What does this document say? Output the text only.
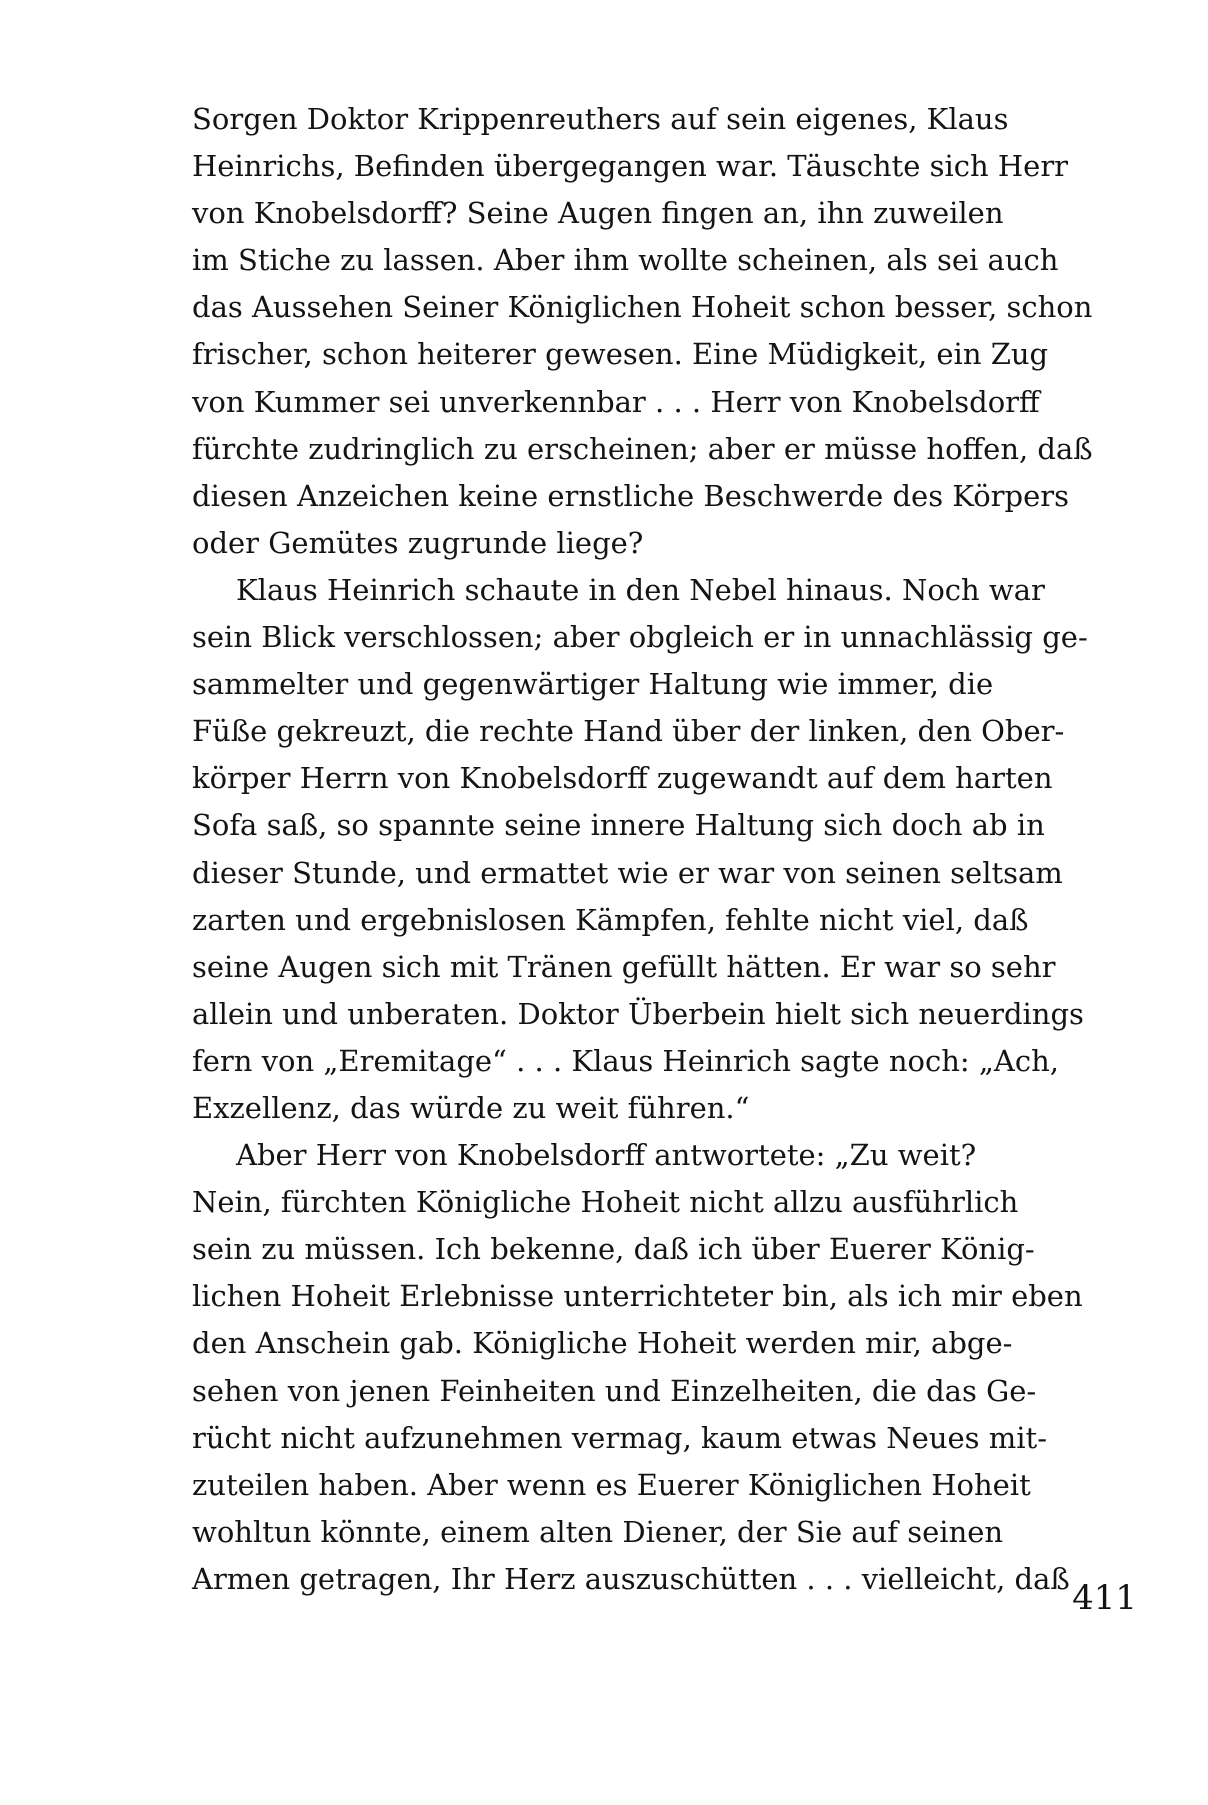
Sorgen Doktor Krippenreuthers auf sein eigenes, Klaus
Heinrichs, Befinden übergegangen war. Täuschte sich Herr
von Knobelsdorff? Seine Augen fingen an, ihn zuweilen
im Stiche zu lassen. Aber ihm wollte scheinen, als sei auch
das Aussehen Seiner Königlichen Hoheit schon besser, schon
frischer, schon heiterer gewesen. Eine Müdigkeit, ein Zug
von Kummer sei unverkennbar . . . Herr von Knobelsdorff
fürchte zudringlich zu erscheinen; aber er müsse hoffen, daß
diesen Anzeichen keine ernstliche Beschwerde des Körpers
oder Gemütes zugrunde liege?
Klaus Heinrich schaute in den Nebel hinaus. Noch war
sein Blick verschlossen; aber obgleich er in unnachlässig ge-
sammelter und gegenwärtiger Haltung wie immer, die
Füße gekreuzt, die rechte Hand über der linken, den Ober-
körper Herrn von Knobelsdorff zugewandt auf dem harten
Sofa saß, so spannte seine innere Haltung sich doch ab in
dieser Stunde, und ermattet wie er war von seinen seltsam
zarten und ergebnislosen Kämpfen, fehlte nicht viel, daß
seine Augen sich mit Tränen gefüllt hätten. Er war so sehr
allein und unberaten. Doktor Überbein hielt sich neuerdings
fern von „Eremitage“ . . . Klaus Heinrich sagte noch: „Ach,
Exzellenz, das würde zu weit führen.“
Aber Herr von Knobelsdorff antwortete: „Zu weit?
Nein, fürchten Königliche Hoheit nicht allzu ausführlich
sein zu müssen. Ich bekenne, daß ich über Euerer König-
lichen Hoheit Erlebnisse unterrichteter bin, als ich mir eben
den Anschein gab. Königliche Hoheit werden mir, abge-
sehen von jenen Feinheiten und Einzelheiten, die das Ge-
rücht nicht aufzunehmen vermag, kaum etwas Neues mit-
zuteilen haben. Aber wenn es Euerer Königlichen Hoheit
wohltun könnte, einem alten Diener, der Sie auf seinen
Armen getragen, Ihr Herz auszuschütten . . . vielleicht, daß 411
